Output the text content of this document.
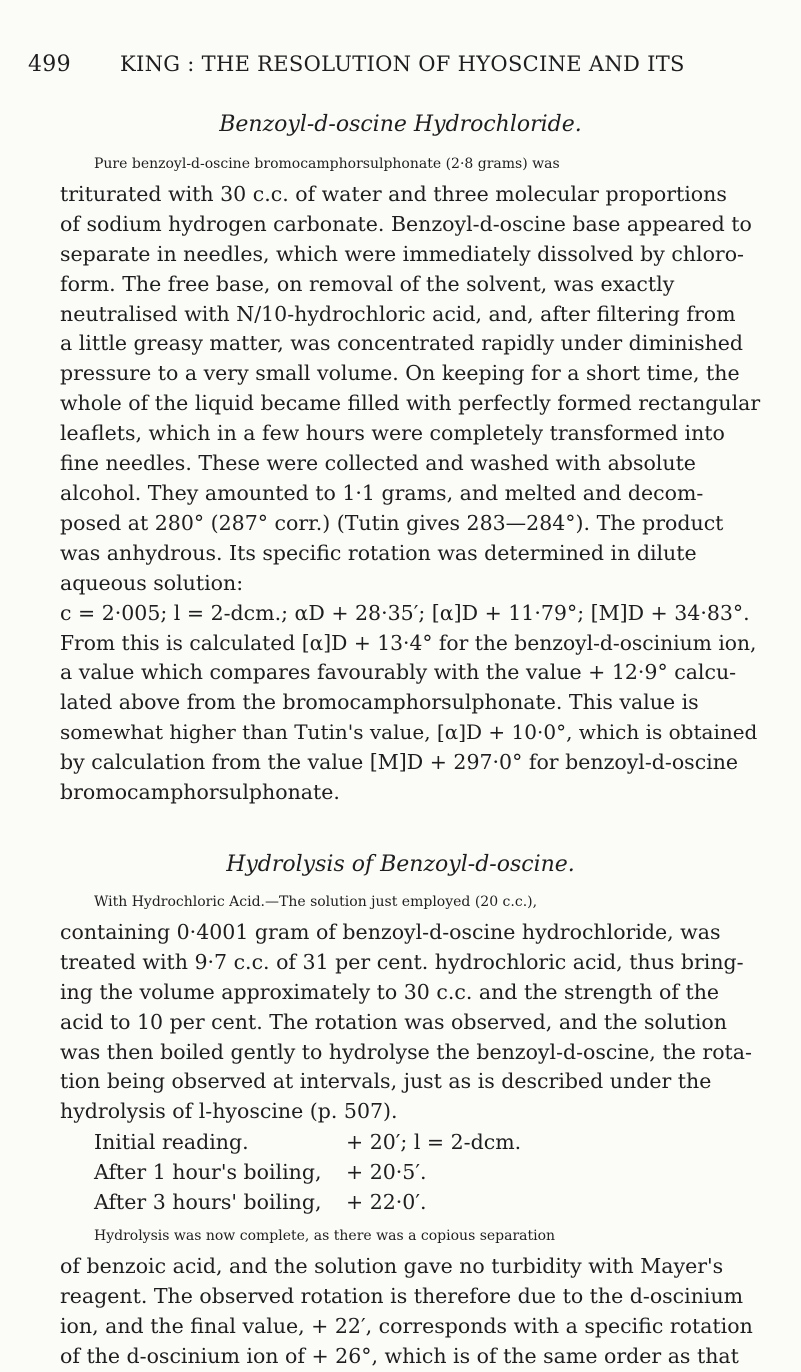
499 KING : THE RESOLUTION OF HYOSCINE AND ITS
Benzoyl-d-oscine Hydrochloride.
Pure benzoyl-d-oscine bromocamphorsulphonate (2·8 grams) was
triturated with 30 c.c. of water and three molecular proportions
of sodium hydrogen carbonate. Benzoyl-d-oscine base appeared to
separate in needles, which were immediately dissolved by chloro-
form. The free base, on removal of the solvent, was exactly
neutralised with N/10-hydrochloric acid, and, after filtering from
a little greasy matter, was concentrated rapidly under diminished
pressure to a very small volume. On keeping for a short time, the
whole of the liquid became filled with perfectly formed rectangular
leaflets, which in a few hours were completely transformed into
fine needles. These were collected and washed with absolute
alcohol. They amounted to 1·1 grams, and melted and decom-
posed at 280° (287° corr.) (Tutin gives 283—284°). The product
was anhydrous. Its specific rotation was determined in dilute
aqueous solution:
c = 2·005; l = 2-dcm.; αD + 28·35′; [α]D + 11·79°; [M]D + 34·83°.
From this is calculated [α]D + 13·4° for the benzoyl-d-oscinium ion,
a value which compares favourably with the value + 12·9° calcu-
lated above from the bromocamphorsulphonate. This value is
somewhat higher than Tutin's value, [α]D + 10·0°, which is obtained
by calculation from the value [M]D + 297·0° for benzoyl-d-oscine
bromocamphorsulphonate.
Hydrolysis of Benzoyl-d-oscine.
With Hydrochloric Acid.—The solution just employed (20 c.c.),
containing 0·4001 gram of benzoyl-d-oscine hydrochloride, was
treated with 9·7 c.c. of 31 per cent. hydrochloric acid, thus bring-
ing the volume approximately to 30 c.c. and the strength of the
acid to 10 per cent. The rotation was observed, and the solution
was then boiled gently to hydrolyse the benzoyl-d-oscine, the rota-
tion being observed at intervals, just as is described under the
hydrolysis of l-hyoscine (p. 507).
Initial reading.	+ 20′; l = 2-dcm.
After 1 hour's boiling, + 20·5′.
After 3 hours' boiling, + 22·0′.
Hydrolysis was now complete, as there was a copious separation
of benzoic acid, and the solution gave no turbidity with Mayer's
reagent. The observed rotation is therefore due to the d-oscinium
ion, and the final value, + 22′, corresponds with a specific rotation
of the d-oscinium ion of + 26°, which is of the same order as that
